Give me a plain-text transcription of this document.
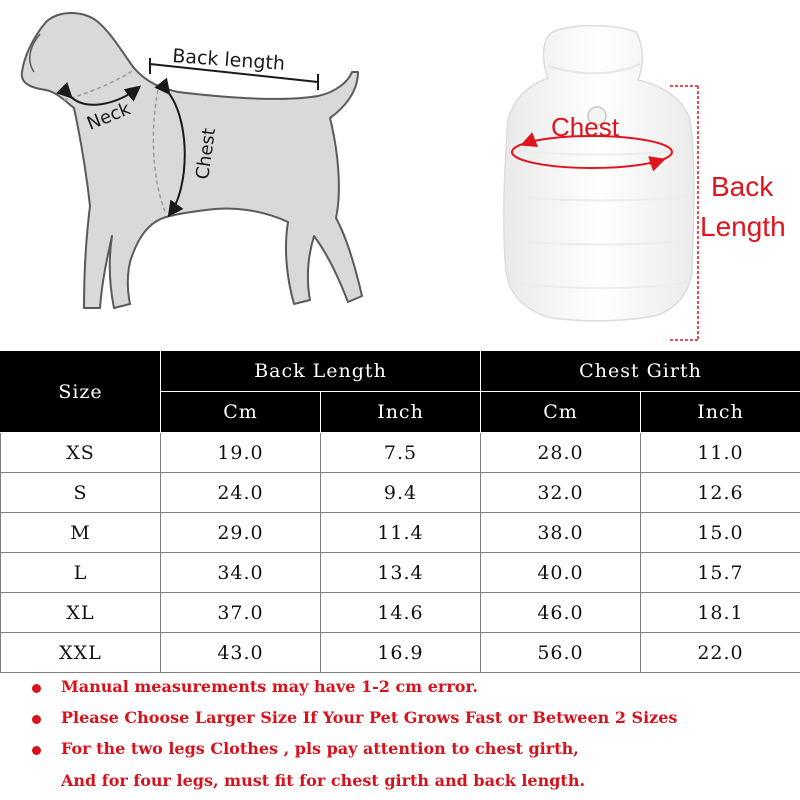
Back length
Neck
Chest	Chest
Back
Length
Size	Back Length		Chest Girth	
	Cm	Inch	Cm	Inch
XS	19.0	7.5	28.0	11.0
S	24.0	9.4	32.0	12.6
M	29.0	11.4	38.0	15.0
L	34.0	13.4	40.0	15.7
XL	37.0	14.6	46.0	18.1
XXL	43.0	16.9	56.0	22.0
Manual measurements may have 1-2 cm error.
Please Choose Larger Size If Your Pet Grows Fast or Between 2 Sizes
For the two legs Clothes , pls pay attention to chest girth,
And for four legs, must fit for chest girth and back length.
